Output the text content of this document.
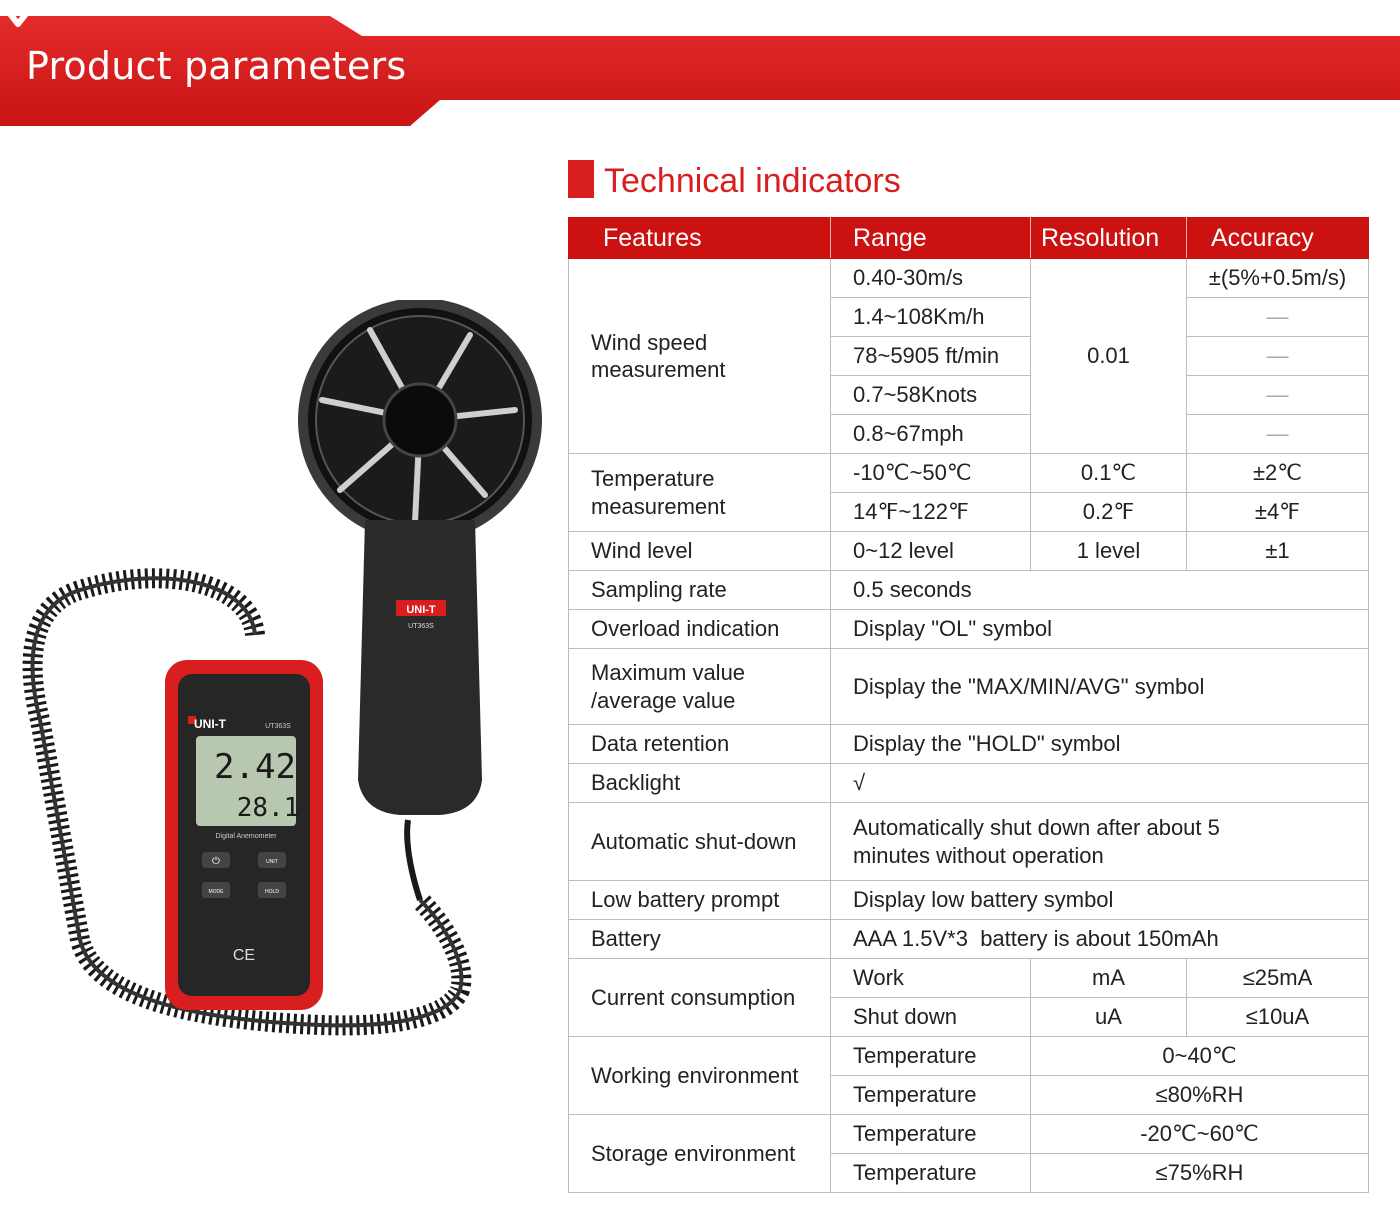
Product parameters
Technical indicators
Features	Range	Resolution	Accuracy
Wind speed measurement	0.40-30m/s	0.01	±(5%+0.5m/s)
	1.4~108Km/h		—
	78~5905 ft/min		—
	0.7~58Knots		—
	0.8~67mph		—
Temperature measurement	-10℃~50℃	0.1℃	±2℃
	14℉~122℉	0.2℉	±4℉
Wind level	0~12 level	1 level	±1
Sampling rate	0.5 seconds		
Overload indication	Display "OL" symbol		
Maximum value /average value	Display the "MAX/MIN/AVG" symbol		
Data retention	Display the "HOLD" symbol		
Backlight	√		
Automatic shut-down	Automatically shut down after about 5 minutes without operation		
Low battery prompt	Display low battery symbol		
Battery	AAA 1.5V*3  battery is about 150mAh		
Current consumption	Work	mA	≤25mA
	Shut down	uA	≤10uA
Working environment	Temperature	0~40℃	
	Temperature	≤80%RH	
Storage environment	Temperature	-20℃~60℃	
	Temperature	≤75%RH	
UNI-T
UT363S
UNI-T	UT363S
2.42
28.1
Digital Anemometer
⏻	UNIT
MODE	HOLD
CE
